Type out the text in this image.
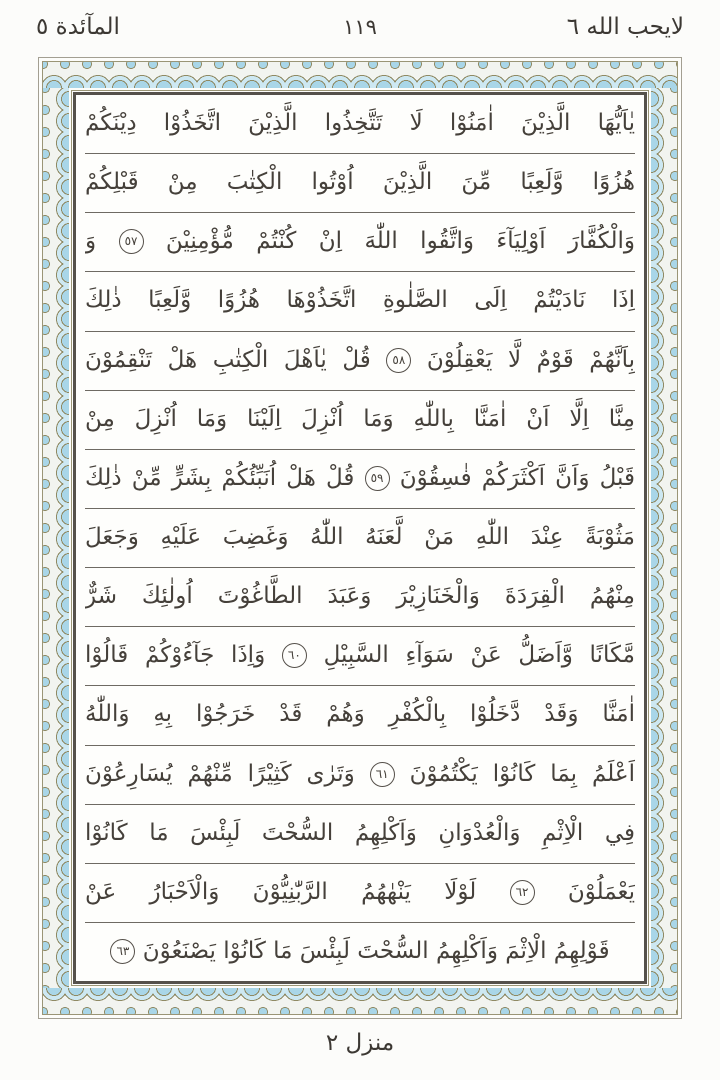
المآئدة ٥	١١٩	لايحب الله ٦
يٰاَيُّهَا الَّذِيْنَ اٰمَنُوْا لَا تَتَّخِذُوا الَّذِيْنَ اتَّخَذُوْا دِيْنَكُمْ
هُزُوًا وَّلَعِبًا مِّنَ الَّذِيْنَ اُوْتُوا الْكِتٰبَ مِنْ قَبْلِكُمْ
وَالْكُفَّارَ اَوْلِيَآءَ وَاتَّقُوا اللّٰهَ اِنْ كُنْتُمْ مُّؤْمِنِيْنَ ٥٧ وَ
اِذَا نَادَيْتُمْ اِلَى الصَّلٰوةِ اتَّخَذُوْهَا هُزُوًا وَّلَعِبًا ذٰلِكَ
بِاَنَّهُمْ قَوْمٌ لَّا يَعْقِلُوْنَ ٥٨ قُلْ يٰاَهْلَ الْكِتٰبِ هَلْ تَنْقِمُوْنَ
مِنَّا اِلَّا اَنْ اٰمَنَّا بِاللّٰهِ وَمَا اُنْزِلَ اِلَيْنَا وَمَا اُنْزِلَ مِنْ
قَبْلُ وَاَنَّ اَكْثَرَكُمْ فٰسِقُوْنَ ٥٩ قُلْ هَلْ اُنَبِّئُكُمْ بِشَرٍّ مِّنْ ذٰلِكَ
مَثُوْبَةً عِنْدَ اللّٰهِ مَنْ لَّعَنَهُ اللّٰهُ وَغَضِبَ عَلَيْهِ وَجَعَلَ
مِنْهُمُ الْقِرَدَةَ وَالْخَنَازِيْرَ وَعَبَدَ الطَّاغُوْتَ اُولٰئِكَ شَرٌّ
مَّكَانًا وَّاَضَلُّ عَنْ سَوَآءِ السَّبِيْلِ ٦٠ وَاِذَا جَآءُوْكُمْ قَالُوْا
اٰمَنَّا وَقَدْ دَّخَلُوْا بِالْكُفْرِ وَهُمْ قَدْ خَرَجُوْا بِهِ وَاللّٰهُ
اَعْلَمُ بِمَا كَانُوْا يَكْتُمُوْنَ ٦١ وَتَرٰى كَثِيْرًا مِّنْهُمْ يُسَارِعُوْنَ
فِي الْاِثْمِ وَالْعُدْوَانِ وَاَكْلِهِمُ السُّحْتَ لَبِئْسَ مَا كَانُوْا
يَعْمَلُوْنَ ٦٢ لَوْلَا يَنْهٰهُمُ الرَّبّٰنِيُّوْنَ وَالْاَحْبَارُ عَنْ
قَوْلِهِمُ الْاِثْمَ وَاَكْلِهِمُ السُّحْتَ لَبِئْسَ مَا كَانُوْا يَصْنَعُوْنَ ٦٣
منزل ٢
